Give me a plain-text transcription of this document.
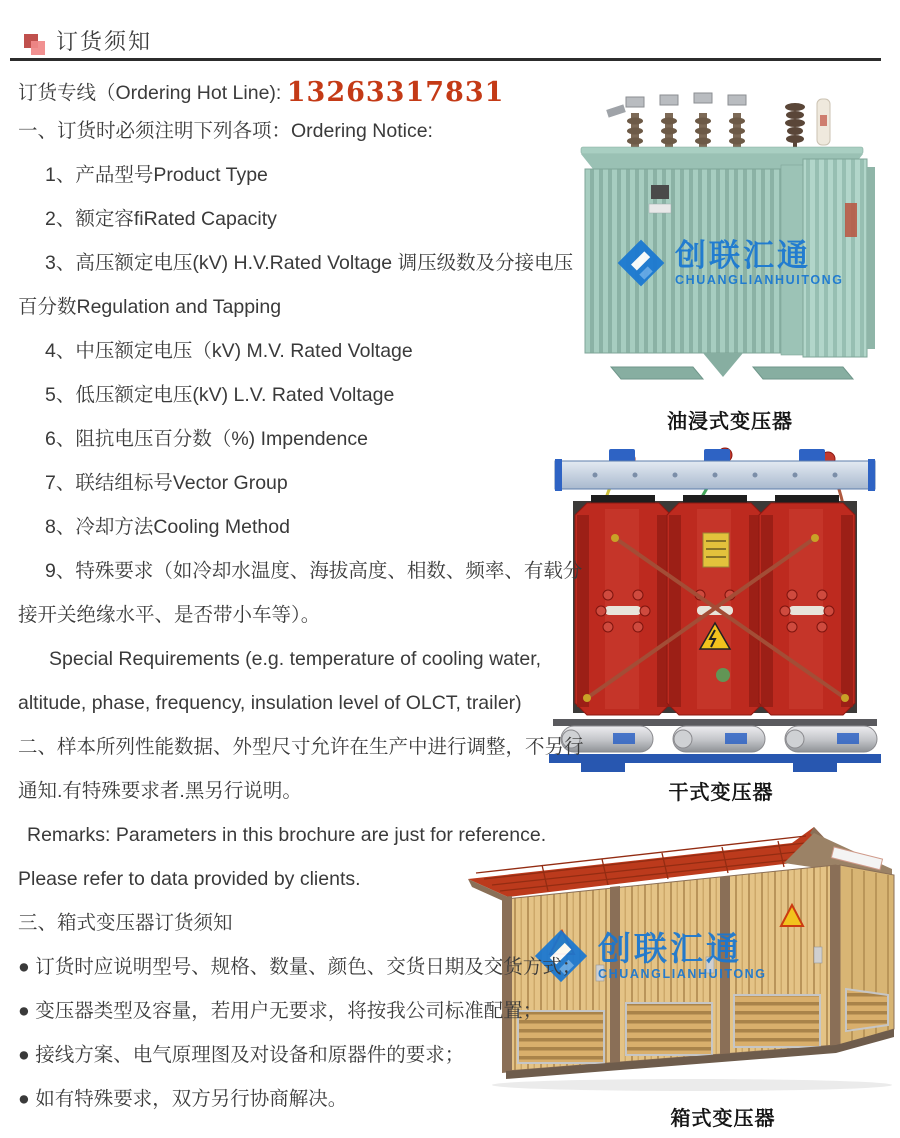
订货须知
订货专线（Ordering Hot Line): 13263317831
一、订货时必须注明下列各项：Ordering Notice:
1、产品型号Product Type
2、额定容fiRated Capacity
3、高压额定电压(kV) H.V.Rated Voltage 调压级数及分接电压
百分数Regulation and Tapping
4、中压额定电压（kV) M.V. Rated Voltage
5、低压额定电压(kV) L.V. Rated Voltage
6、阻抗电压百分数（%) Impendence
7、联结组标号Vector Group
8、冷却方法Cooling Method
9、特殊要求（如冷却水温度、海拔高度、相数、频率、有载分
接开关绝缘水平、是否带小车等）。
Special Requirements (e.g. temperature of cooling water,
altitude, phase, frequency, insulation level of OLCT, trailer)
二、样本所列性能数据、外型尺寸允许在生产中进行调整，不另行
通知.有特殊要求者.黑另行说明。
Remarks: Parameters in this brochure are just for reference.
Please refer to data provided by clients.
三、箱式变压器订货须知
● 订货时应说明型号、规格、数量、颜色、交货日期及交货方式；
● 变压器类型及容量，若用户无要求，将按我公司标准配置；
● 接线方案、电气原理图及对设备和原器件的要求；
● 如有特殊要求，双方另行协商解决。
创联汇通
CHUANGLIANHUITONG
创联汇通
CHUANGLIANHUITONG
油浸式变压器
干式变压器
箱式变压器
